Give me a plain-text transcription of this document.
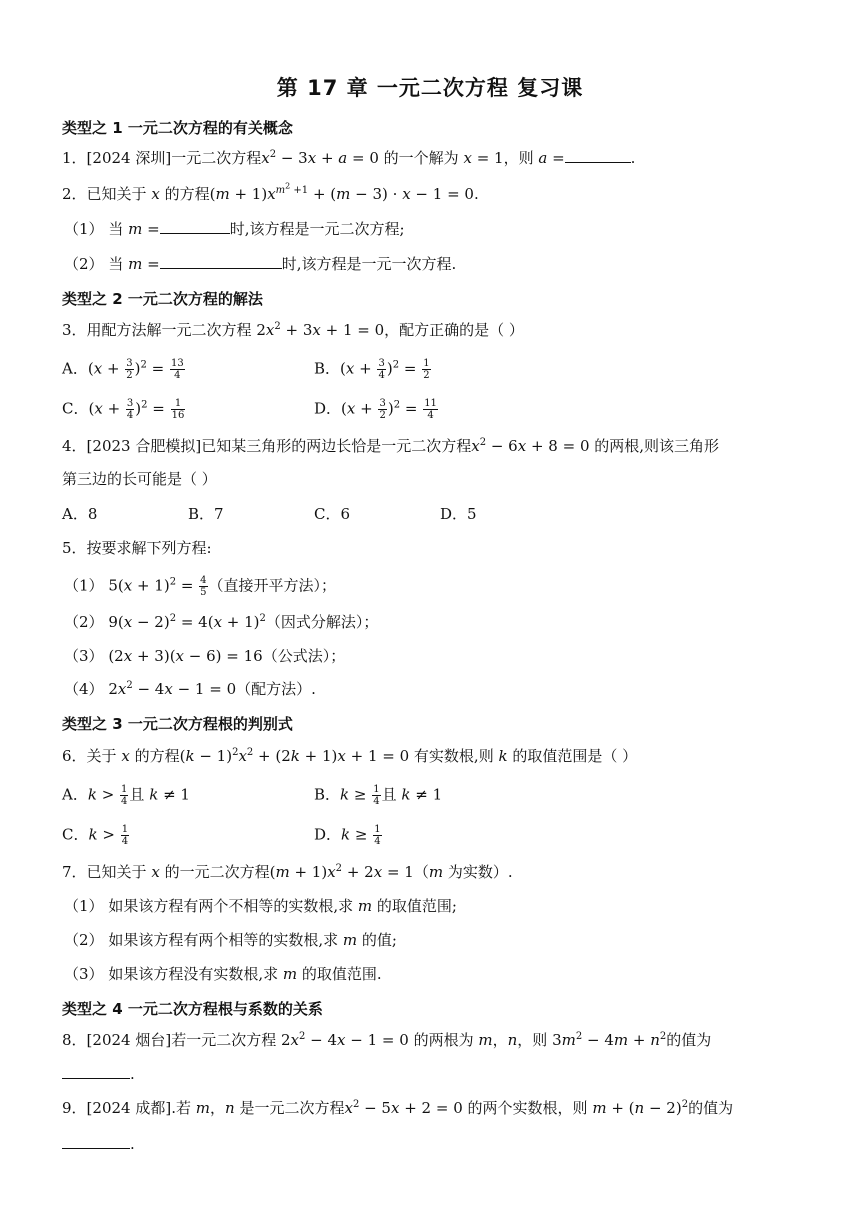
第 17 章 一元二次方程 复习课
类型之 1 一元二次方程的有关概念
1．[2024 深圳]一元二次方程$x^2 - 3x + a = 0$ 的一个解为 x = 1，则 a =	.
2．已知关于 x 的方程$(m + 1)x^{m^2 +1} + (m - 3) \cdot x - 1 = 0$.
（1） 当 m =	时,该方程是一元二次方程;
（2） 当 m =	时,该方程是一元一次方程.
类型之 2 一元二次方程的解法
3．用配方法解一元二次方程 $2x^2 + 3x + 1 = 0$，配方正确的是（ ）
A．$(x + \frac{3}{2} )^2 = \frac{13}{4}$	B．$(x + \frac{3}{4} )^2 = \frac{1}{2}$
C．$(x + \frac{3}{4} )^2 = \frac{1}{16}$	D．$(x + \frac{3}{2} )^2 = \frac{11}{4}$
4．[2023 合肥模拟]已知某三角形的两边长恰是一元二次方程$x^2 - 6x + 8 = 0$ 的两根,则该三角形
第三边的长可能是（ ）
A．8	B．7	C．6	D．5
5．按要求解下列方程:
（1） $5(x + 1)^2 = \frac{4}{5}$ （直接开平方法）；
（2） $9(x - 2)^2 = 4(x + 1)^2$（因式分解法）；
（3） (2x + 3)(x − 6) = 16（公式法）；
（4） $2x^2 - 4x - 1 = 0$（配方法）.
类型之 3 一元二次方程根的判别式
6．关于 x 的方程$(k - 1)^2x^2 + (2k + 1)x + 1 = 0$ 有实数根,则 k 的取值范围是（ ）
A．$k > \frac{1}{4}$ 且 k ≠ 1	B．$k \ge \frac{1}{4}$ 且 k ≠ 1
C．$k > \frac{1}{4}$	D．$k \ge \frac{1}{4}$
7．已知关于 x 的一元二次方程$(m + 1)x^2 + 2x = 1(m$ 为实数）.
（1） 如果该方程有两个不相等的实数根,求 m 的取值范围;
（2） 如果该方程有两个相等的实数根,求 m 的值;
（3） 如果该方程没有实数根,求 m 的取值范围.
类型之 4 一元二次方程根与系数的关系
8．[2024 烟台]若一元二次方程 $2x^2 - 4x - 1 = 0$ 的两根为 m，n，则 $3m^2 - 4m + n^2$的值为
.
9．[2024 成都].若 m，n 是一元二次方程$x^2 - 5x + 2 = 0$ 的两个实数根，则 $m + (n - 2)^2$的值为
.
